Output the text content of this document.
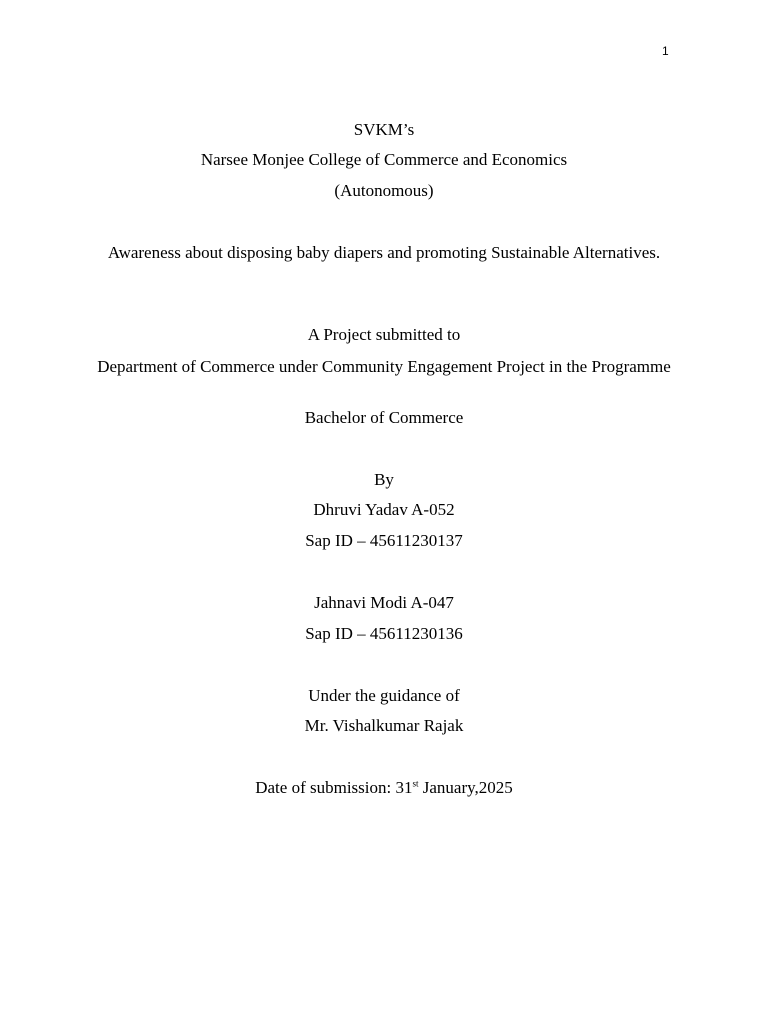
1
SVKM’s
Narsee Monjee College of Commerce and Economics
(Autonomous)
Awareness about disposing baby diapers and promoting Sustainable Alternatives.
A Project submitted to
Department of Commerce under Community Engagement Project in the Programme
Bachelor of Commerce
By
Dhruvi Yadav A-052
Sap ID – 45611230137
Jahnavi Modi A-047
Sap ID – 45611230136
Under the guidance of
Mr. Vishalkumar Rajak
Date of submission: 31st January,2025
